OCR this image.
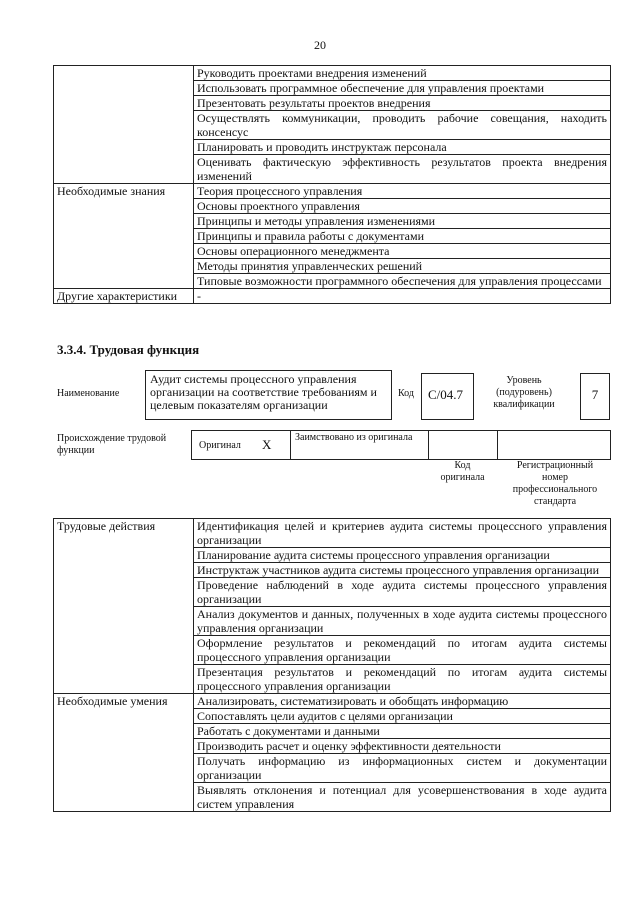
20
	Руководить проектами внедрения изменений
	Использовать программное обеспечение для управления проектами
	Презентовать результаты проектов внедрения
	Осуществлять коммуникации, проводить рабочие совещания, находить консенсус
	Планировать и проводить инструктаж персонала
	Оценивать фактическую эффективность результатов проекта внедрения изменений
Необходимые знания	Теория процессного управления
	Основы проектного управления
	Принципы и методы управления изменениями
	Принципы и правила работы с документами
	Основы операционного менеджмента
	Методы принятия управленческих решений
	Типовые возможности программного обеспечения для управления процессами
Другие характеристики	-
3.3.4. Трудовая функция
Наименование
Аудит системы процессного управления организации на соответствие требованиям и целевым показателям организации
Код	C/04.7
Уровень (подуровень) квалификации
7
Происхождение трудовой функции	Оригинал X Заимствовано из оригинала
Код оригинала
Регистрационный номер профессионального стандарта
Трудовые действия	Идентификация целей и критериев аудита системы процессного управления организации
	Планирование аудита системы процессного управления организации
	Инструктаж участников аудита системы процессного управления организации
	Проведение наблюдений в ходе аудита системы процессного управления организации
	Анализ документов и данных, полученных в ходе аудита системы процессного управления организации
	Оформление результатов и рекомендаций по итогам аудита системы процессного управления организации
	Презентация результатов и рекомендаций по итогам аудита системы процессного управления организации
Необходимые умения	Анализировать, систематизировать и обобщать информацию
	Сопоставлять цели аудитов с целями организации
	Работать с документами и данными
	Производить расчет и оценку эффективности деятельности
	Получать информацию из информационных систем и документации организации
	Выявлять отклонения и потенциал для усовершенствования в ходе аудита систем управления
